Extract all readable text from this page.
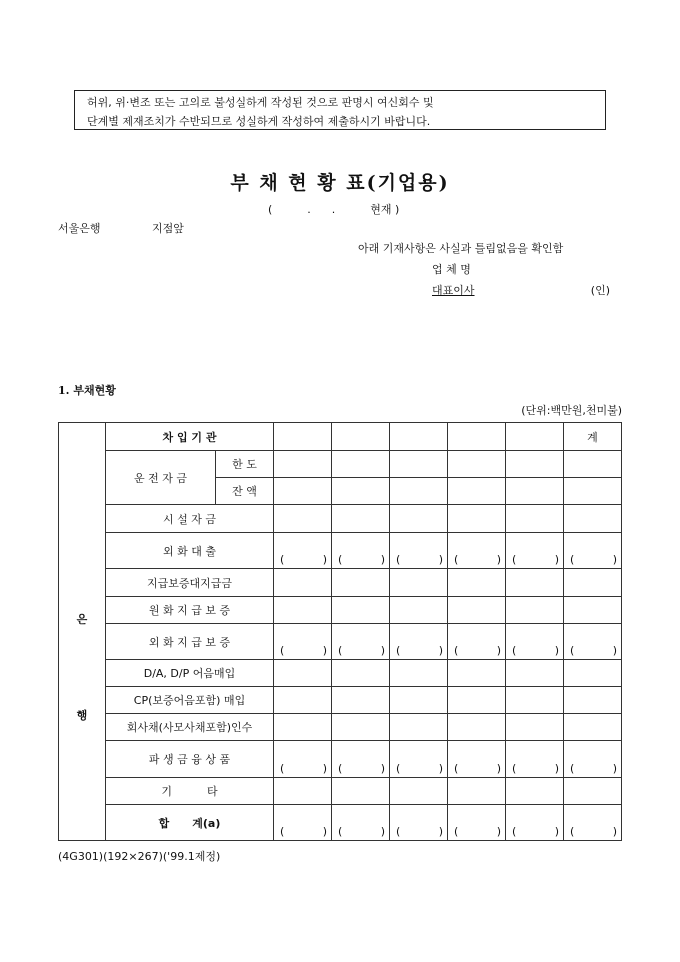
허위, 위·변조 또는 고의로 불성실하게 작성된 것으로 판명시 여신회수 및
단계별 제재조치가 수반되므로 성실하게 작성하여 제출하시기 바랍니다.
부 채 현 황 표(기업용)
(          .      .          현재 )
서울은행	지점앞
아래 기재사항은 사실과 틀림없음을 확인함
업 체 명
대표이사	(인)
1. 부채현황
(단위:백만원,천미불)
은
행	차 입 기 관							계
	운 전 자 금	한 도						
		잔 액						
	시 설 자 금							
	외 화 대 출		( )	( )	( )	( )	( )	( )

	지급보증대지급금							
	원 화 지 급 보 증							
	외 화 지 급 보 증		( )	( )	( )	( )	( )	( )

	D/A, D/P 어음매입							
	CP(보증어음포함) 매입							
	회사채(사모사채포함)인수							
	파 생 금 융 상 품		( )	( )	( )	( )	( )	( )

	기          타							
	합      계(a)		( )	( )	( )	( )	( )	( )
(4G301)(192×267)('99.1제정)
